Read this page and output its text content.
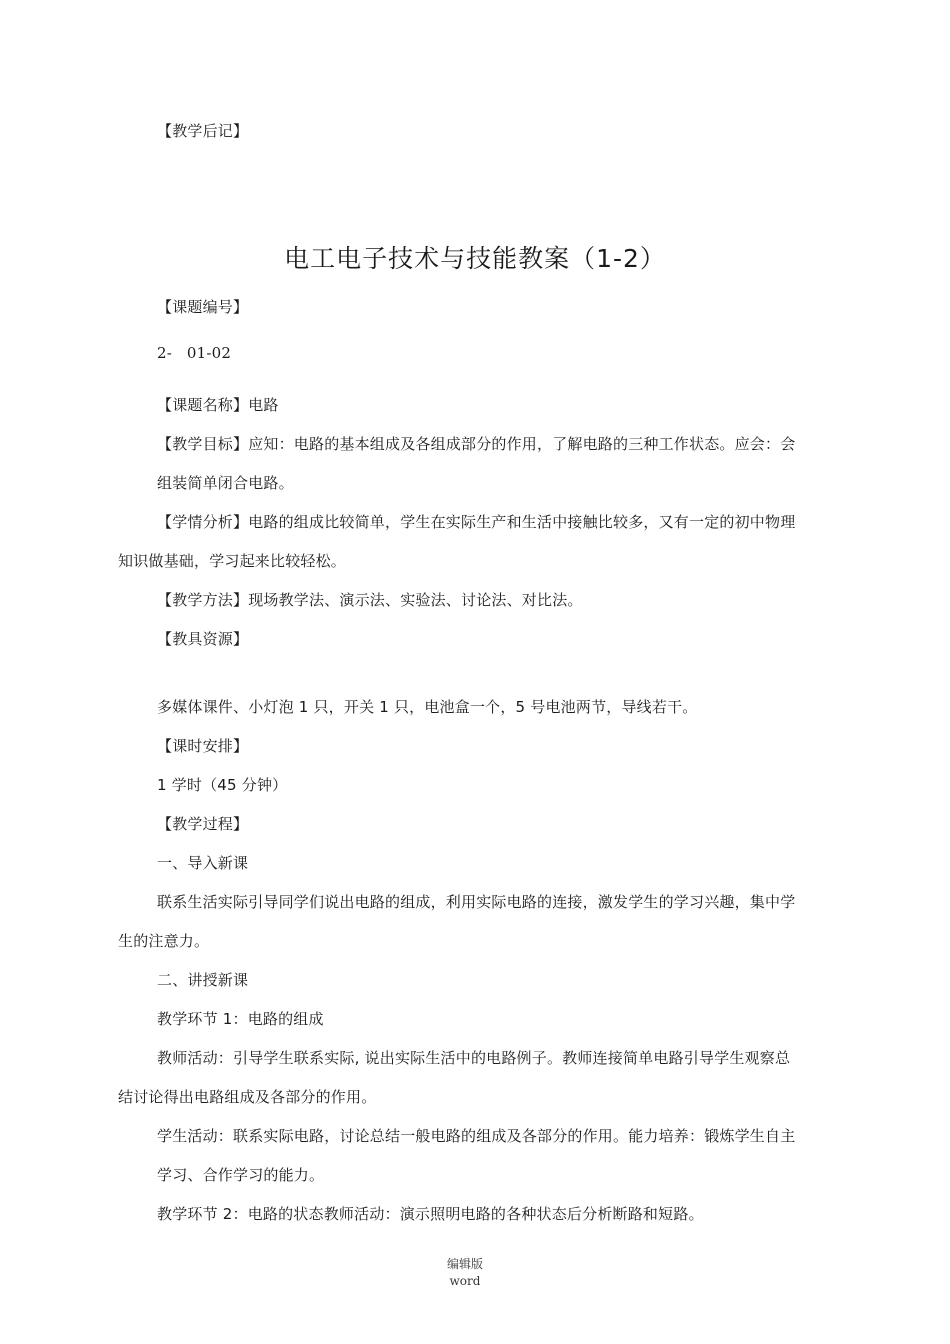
【教学后记】
电工电子技术与技能教案（1-2）
【课题编号】
2-   01-02
【课题名称】电路
【教学目标】应知：电路的基本组成及各组成部分的作用，了解电路的三种工作状态。应会：会
组装简单闭合电路。
【学情分析】电路的组成比较简单，学生在实际生产和生活中接触比较多，又有一定的初中物理
知识做基础，学习起来比较轻松。
【教学方法】现场教学法、演示法、实验法、讨论法、对比法。
【教具资源】
多媒体课件、小灯泡 1 只，开关 1 只，电池盒一个，5 号电池两节，导线若干。
【课时安排】
1 学时（45 分钟）
【教学过程】
一、导入新课
联系生活实际引导同学们说出电路的组成，利用实际电路的连接，激发学生的学习兴趣，集中学
生的注意力。
二、讲授新课
教学环节 1：电路的组成
教师活动：引导学生联系实际, 说出实际生活中的电路例子。教师连接简单电路引导学生观察总
结讨论得出电路组成及各部分的作用。
学生活动：联系实际电路，讨论总结一般电路的组成及各部分的作用。能力培养：锻炼学生自主
学习、合作学习的能力。
教学环节 2：电路的状态教师活动：演示照明电路的各种状态后分析断路和短路。
编辑版
word
